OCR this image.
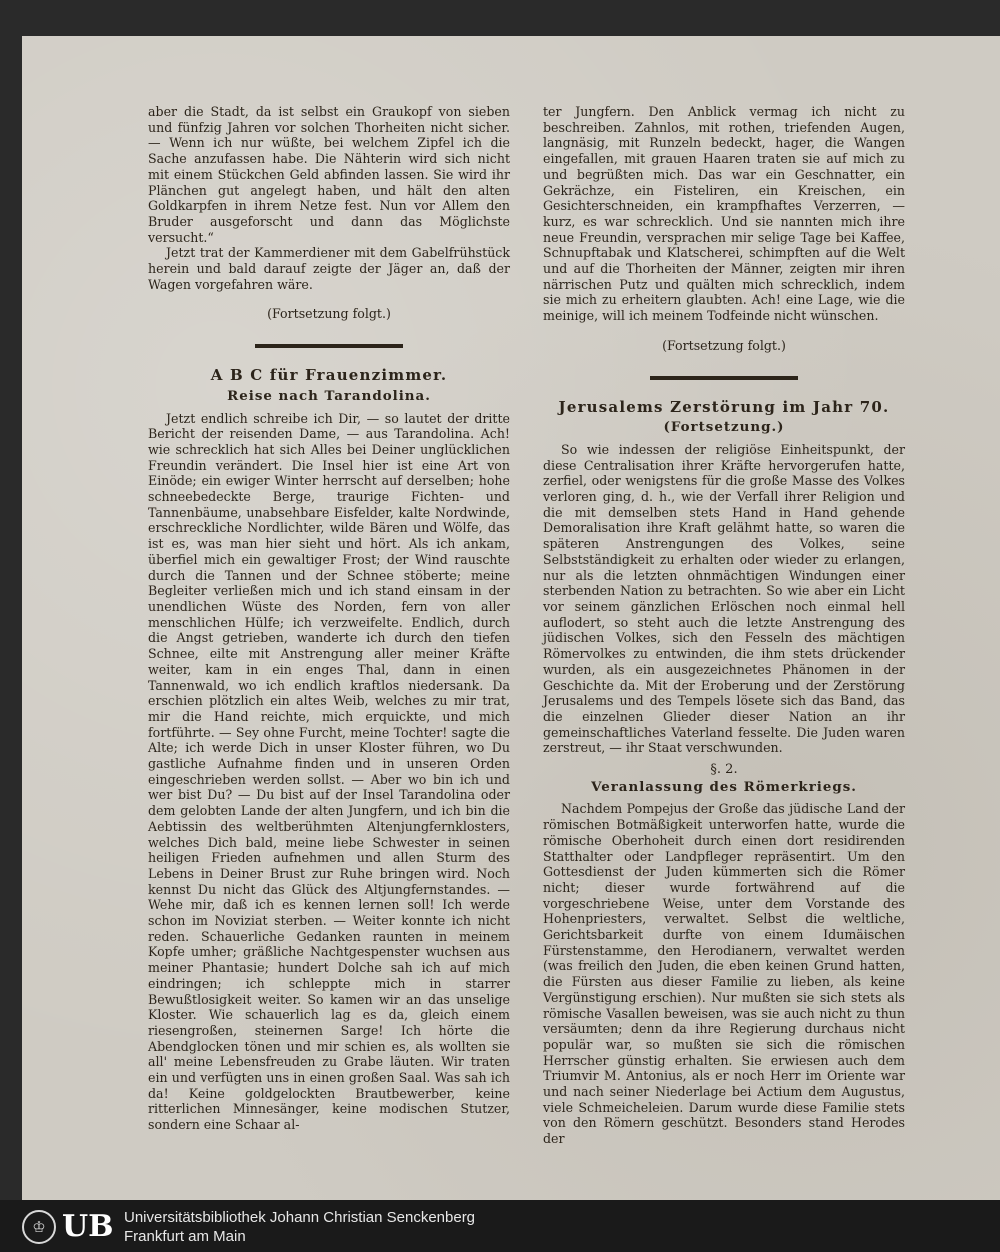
aber die Stadt, da ist selbst ein Graukopf von sieben und fünfzig Jahren vor solchen Thorheiten nicht sicher. — Wenn ich nur wüßte, bei welchem Zipfel ich die Sache anzufassen habe. Die Nähterin wird sich nicht mit einem Stückchen Geld abfinden lassen. Sie wird ihr Plänchen gut angelegt haben, und hält den alten Goldkarpfen in ihrem Netze fest. Nun vor Allem den Bruder ausgeforscht und dann das Möglichste versucht.“

Jetzt trat der Kammerdiener mit dem Gabelfrühstück herein und bald darauf zeigte der Jäger an, daß der Wagen vorgefahren wäre.

(Fortsetzung folgt.)
A B C für Frauenzimmer.
Reise nach Tarandolina.

Jetzt endlich schreibe ich Dir, — so lautet der dritte Bericht der reisenden Dame, — aus Tarandolina. Ach! wie schrecklich hat sich Alles bei Deiner unglücklichen Freundin verändert. Die Insel hier ist eine Art von Einöde; ein ewiger Winter herrscht auf derselben; hohe schneebedeckte Berge, traurige Fichten- und Tannenbäume, unabsehbare Eisfelder, kalte Nordwinde, erschreckliche Nordlichter, wilde Bären und Wölfe, das ist es, was man hier sieht und hört. Als ich ankam, überfiel mich ein gewaltiger Frost; der Wind rauschte durch die Tannen und der Schnee stöberte; meine Begleiter verließen mich und ich stand einsam in der unendlichen Wüste des Norden, fern von aller menschlichen Hülfe; ich verzweifelte. Endlich, durch die Angst getrieben, wanderte ich durch den tiefen Schnee, eilte mit Anstrengung aller meiner Kräfte weiter, kam in ein enges Thal, dann in einen Tannenwald, wo ich endlich kraftlos niedersank. Da erschien plötzlich ein altes Weib, welches zu mir trat, mir die Hand reichte, mich erquickte, und mich fortführte. — Sey ohne Furcht, meine Tochter! sagte die Alte; ich werde Dich in unser Kloster führen, wo Du gastliche Aufnahme finden und in unseren Orden eingeschrieben werden sollst. — Aber wo bin ich und wer bist Du? — Du bist auf der Insel Tarandolina oder dem gelobten Lande der alten Jungfern, und ich bin die Aebtissin des weltberühmten Altenjungfernklosters, welches Dich bald, meine liebe Schwester in seinen heiligen Frieden aufnehmen und allen Sturm des Lebens in Deiner Brust zur Ruhe bringen wird. Noch kennst Du nicht das Glück des Altjungfernstandes. — Wehe mir, daß ich es kennen lernen soll! Ich werde schon im Noviziat sterben. — Weiter konnte ich nicht reden. Schauerliche Gedanken raunten in meinem Kopfe umher; gräßliche Nachtgespenster wuchsen aus meiner Phantasie; hundert Dolche sah ich auf mich eindringen; ich schleppte mich in starrer Bewußtlosigkeit weiter. So kamen wir an das unselige Kloster. Wie schauerlich lag es da, gleich einem riesengroßen, steinernen Sarge! Ich hörte die Abendglocken tönen und mir schien es, als wollten sie all' meine Lebensfreuden zu Grabe läuten. Wir traten ein und verfügten uns in einen großen Saal. Was sah ich da! Keine goldgelockten Brautbewerber, keine ritterlichen Minnesänger, keine modischen Stutzer, sondern eine Schaar al-

ter Jungfern. Den Anblick vermag ich nicht zu beschreiben. Zahnlos, mit rothen, triefenden Augen, langnäsig, mit Runzeln bedeckt, hager, die Wangen eingefallen, mit grauen Haaren traten sie auf mich zu und begrüßten mich. Das war ein Geschnatter, ein Gekrächze, ein Fisteliren, ein Kreischen, ein Gesichterschneiden, ein krampfhaftes Verzerren, — kurz, es war schrecklich. Und sie nannten mich ihre neue Freundin, versprachen mir selige Tage bei Kaffee, Schnupftabak und Klatscherei, schimpften auf die Welt und auf die Thorheiten der Männer, zeigten mir ihren närrischen Putz und quälten mich schrecklich, indem sie mich zu erheitern glaubten. Ach! eine Lage, wie die meinige, will ich meinem Todfeinde nicht wünschen.

(Fortsetzung folgt.)
Jerusalems Zerstörung im Jahr 70.
(Fortsetzung.)

So wie indessen der religiöse Einheitspunkt, der diese Centralisation ihrer Kräfte hervorgerufen hatte, zerfiel, oder wenigstens für die große Masse des Volkes verloren ging, d. h., wie der Verfall ihrer Religion und die mit demselben stets Hand in Hand gehende Demoralisation ihre Kraft gelähmt hatte, so waren die späteren Anstrengungen des Volkes, seine Selbstständigkeit zu erhalten oder wieder zu erlangen, nur als die letzten ohnmächtigen Windungen einer sterbenden Nation zu betrachten. So wie aber ein Licht vor seinem gänzlichen Erlöschen noch einmal hell auflodert, so steht auch die letzte Anstrengung des jüdischen Volkes, sich den Fesseln des mächtigen Römervolkes zu entwinden, die ihm stets drückender wurden, als ein ausgezeichnetes Phänomen in der Geschichte da. Mit der Eroberung und der Zerstörung Jerusalems und des Tempels lösete sich das Band, das die einzelnen Glieder dieser Nation an ihr gemeinschaftliches Vaterland fesselte. Die Juden waren zerstreut, — ihr Staat verschwunden.

§. 2.
Veranlassung des Römerkriegs.

Nachdem Pompejus der Große das jüdische Land der römischen Botmäßigkeit unterworfen hatte, wurde die römische Oberhoheit durch einen dort residirenden Statthalter oder Landpfleger repräsentirt. Um den Gottesdienst der Juden kümmerten sich die Römer nicht; dieser wurde fortwährend auf die vorgeschriebene Weise, unter dem Vorstande des Hohenpriesters, verwaltet. Selbst die weltliche, Gerichtsbarkeit durfte von einem Idumäischen Fürstenstamme, den Herodianern, verwaltet werden (was freilich den Juden, die eben keinen Grund hatten, die Fürsten aus dieser Familie zu lieben, als keine Vergünstigung erschien). Nur mußten sie sich stets als römische Vasallen beweisen, was sie auch nicht zu thun versäumten; denn da ihre Regierung durchaus nicht populär war, so mußten sie sich die römischen Herrscher günstig erhalten. Sie erwiesen auch dem Triumvir M. Antonius, als er noch Herr im Oriente war und nach seiner Niederlage bei Actium dem Augustus, viele Schmeicheleien. Darum wurde diese Familie stets von den Römern geschützt. Besonders stand Herodes der

♔ UB Universitätsbibliothek Johann Christian Senckenberg
Frankfurt am Main
